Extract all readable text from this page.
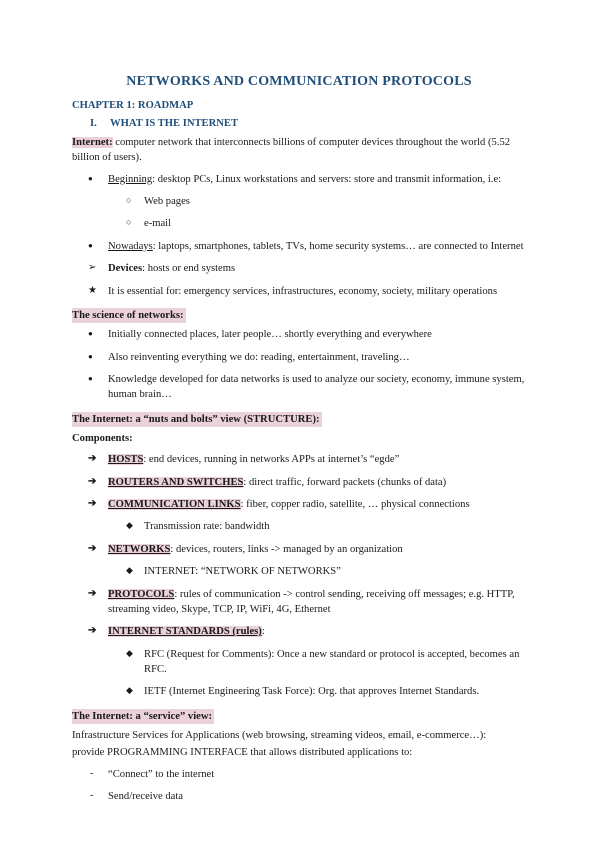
NETWORKS AND COMMUNICATION PROTOCOLS
CHAPTER 1: ROADMAP
I. WHAT IS THE INTERNET

Internet: computer network that interconnects billions of computer devices throughout the world (5.52 billion of users).

● Beginning: desktop PCs, Linux workstations and servers: store and transmit information, i.e:
○ Web pages
○ e-mail
● Nowadays: laptops, smartphones, tablets, TVs, home security systems… are connected to Internet
➢ Devices: hosts or end systems
★ It is essential for: emergency services, infrastructures, economy, society, military operations
The science of networks:
● Initially connected places, later people… shortly everything and everywhere
● Also reinventing everything we do: reading, entertainment, traveling…
● Knowledge developed for data networks is used to analyze our society, economy, immune system, human brain…
The Internet: a “nuts and bolts” view (STRUCTURE):
Components:
➔ HOSTS: end devices, running in networks APPs at internet’s “egde”
➔ ROUTERS AND SWITCHES: direct traffic, forward packets (chunks of data)
➔ COMMUNICATION LINKS: fiber, copper radio, satellite, … physical connections
◆ Transmission rate: bandwidth
➔ NETWORKS: devices, routers, links -> managed by an organization
◆ INTERNET: “NETWORK OF NETWORKS”
➔ PROTOCOLS: rules of communication -> control sending, receiving off messages; e.g. HTTP, streaming video, Skype, TCP, IP, WiFi, 4G, Ethernet
➔ INTERNET STANDARDS (rules):
◆ RFC (Request for Comments): Once a new standard or protocol is accepted, becomes an RFC.
◆ IETF (Internet Engineering Task Force): Org. that approves Internet Standards.
The Internet: a “service” view:
Infrastructure Services for Applications (web browsing, streaming videos, email, e-commerce…):
provide PROGRAMMING INTERFACE that allows distributed applications to:
- “Connect” to the internet
- Send/receive data
